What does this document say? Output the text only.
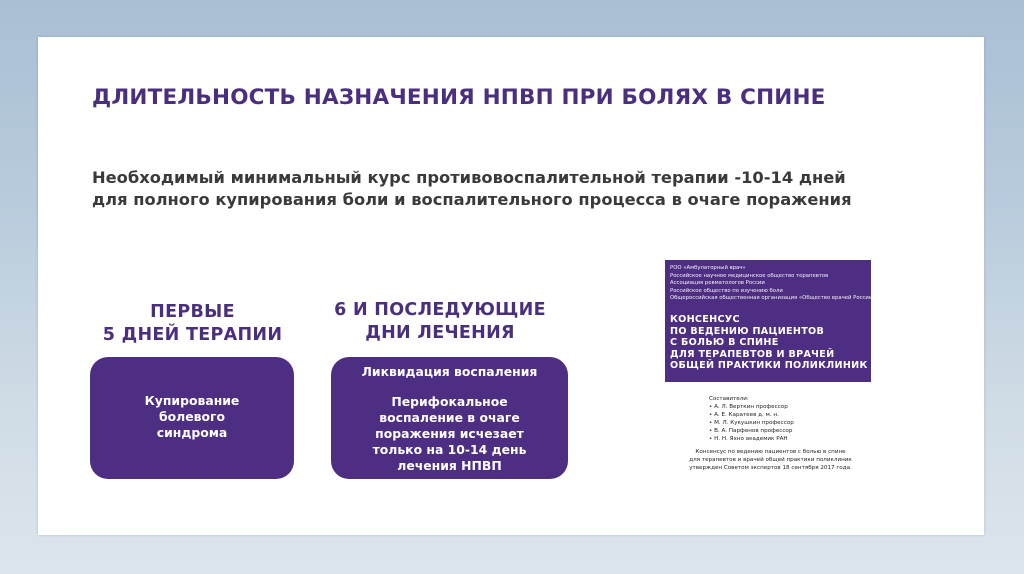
ДЛИТЕЛЬНОСТЬ НАЗНАЧЕНИЯ НПВП ПРИ БОЛЯХ В СПИНЕ
Необходимый минимальный курс противовоспалительной терапии -10-14 дней
для полного купирования боли и воспалительного процесса в очаге поражения
ПЕРВЫЕ
5 ДНЕЙ ТЕРАПИИ
6 И ПОСЛЕДУЮЩИЕ
ДНИ ЛЕЧЕНИЯ
Купирование
болевого
синдрома
Ликвидация воспаления
Перифокальное
воспаление в очаге
поражения исчезает
только на 10-14 день
лечения НПВП
РОО «Амбулаторный врач»
Российское научное медицинское общество терапевтов
Ассоциация ревматологов России
Российское общество по изучению боли
Общероссийская общественная организация «Общество врачей России»
КОНСЕНСУС
ПО ВЕДЕНИЮ ПАЦИЕНТОВ
С БОЛЬЮ В СПИНЕ
ДЛЯ ТЕРАПЕВТОВ И ВРАЧЕЙ
ОБЩЕЙ ПРАКТИКИ ПОЛИКЛИНИК
Составители:
• А. Л. Верткин профессор
• А. Е. Каратеев д. м. н.
• М. Л. Кукушкин профессор
• В. А. Парфенов профессор
• Н. Н. Яхно академик РАН
Консенсус по ведению пациентов с болью в спине
для терапевтов и врачей общей практики поликлиник
утвержден Советом экспертов 18 сентября 2017 года.
